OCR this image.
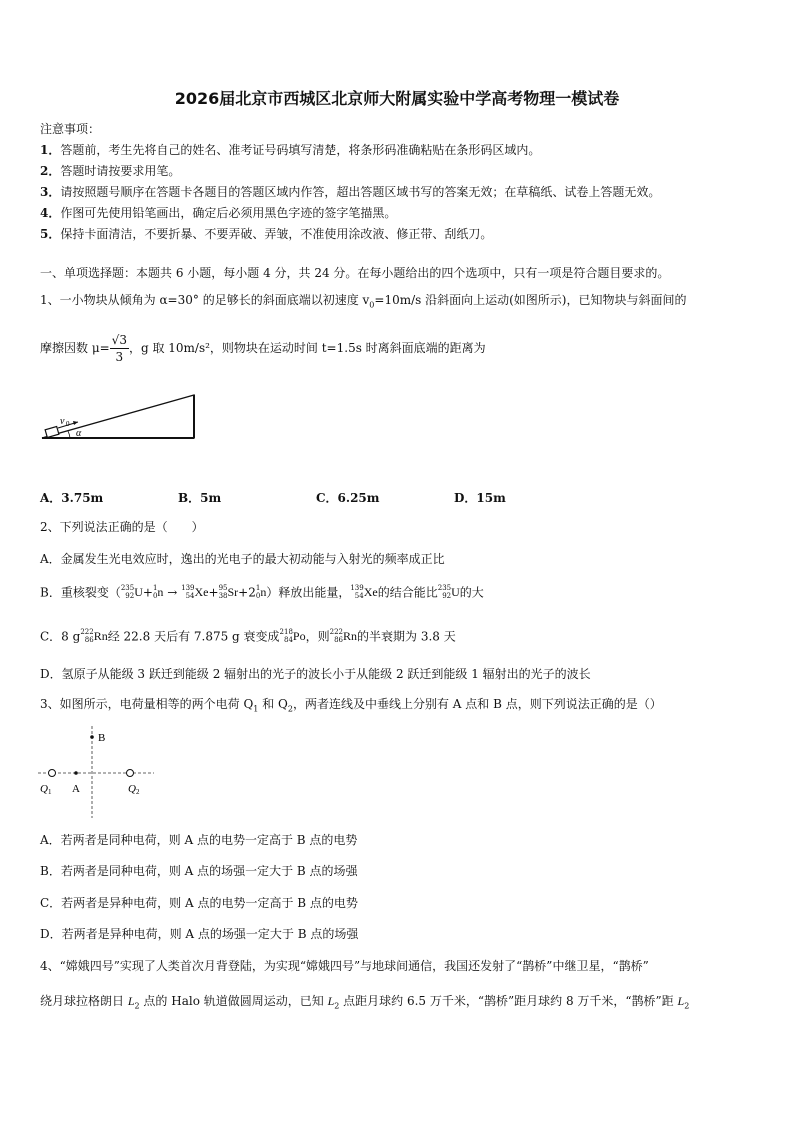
2026届北京市西城区北京师大附属实验中学高考物理一模试卷
注意事项：
1．答题前，考生先将自己的姓名、准考证号码填写清楚，将条形码准确粘贴在条形码区域内。
2．答题时请按要求用笔。
3．请按照题号顺序在答题卡各题目的答题区域内作答，超出答题区域书写的答案无效；在草稿纸、试卷上答题无效。
4．作图可先使用铅笔画出，确定后必须用黑色字迹的签字笔描黑。
5．保持卡面清洁，不要折暴、不要弄破、弄皱，不准使用涂改液、修正带、刮纸刀。
一、单项选择题：本题共 6 小题，每小题 4 分，共 24 分。在每小题给出的四个选项中，只有一项是符合题目要求的。
1、一小物块从倾角为 α=30° 的足够长的斜面底端以初速度 $v_0=10m/s$ 沿斜面向上运动(如图所示)，已知物块与斜面间的
摩擦因数 $\mu= \frac{√3}{3}$ ，g 取 10m/s²，则物块在运动时间 t=1.5s 时离斜面底端的距离为
v 0
α
A．3.75m	B．5m	C．6.25m	D．15m
2、下列说法正确的是（　　）
A．金属发生光电效应时，逸出的光电子的最大初动能与入射光的频率成正比
B．重核裂变（ 235
92 U+ 1
0 n → 139
54 Xe+ 95
38 Sr+2 1
0 n）释放出能量， 139
54 Xe的结合能比 235
92 U的大
C．8 g 222
86 Rn经 22.8 天后有 7.875 g 衰变成 218
84 Po，则 222
86 Rn的半衰期为 3.8 天
D．氢原子从能级 3 跃迁到能级 2 辐射出的光子的波长小于从能级 2 跃迁到能级 1 辐射出的光子的波长
3、如图所示，电荷量相等的两个电荷 $Q_1$ 和 $Q_2$，两者连线及中垂线上分别有 A 点和 B 点，则下列说法正确的是（）
B
A
Q 1	Q 2
A．若两者是同种电荷，则 A 点的电势一定高于 B 点的电势
B．若两者是同种电荷，则 A 点的场强一定大于 B 点的场强
C．若两者是异种电荷，则 A 点的电势一定高于 B 点的电势
D．若两者是异种电荷，则 A 点的场强一定大于 B 点的场强
4、“嫦娥四号”实现了人类首次月背登陆，为实现“嫦娥四号”与地球间通信，我国还发射了“鹊桥”中继卫星，“鹊桥”
绕月球拉格朗日 $L_2$ 点的 Halo 轨道做圆周运动，已知 $L_2$ 点距月球约 6.5 万千米，“鹊桥”距月球约 8 万千米，“鹊桥”距 $L_2$
